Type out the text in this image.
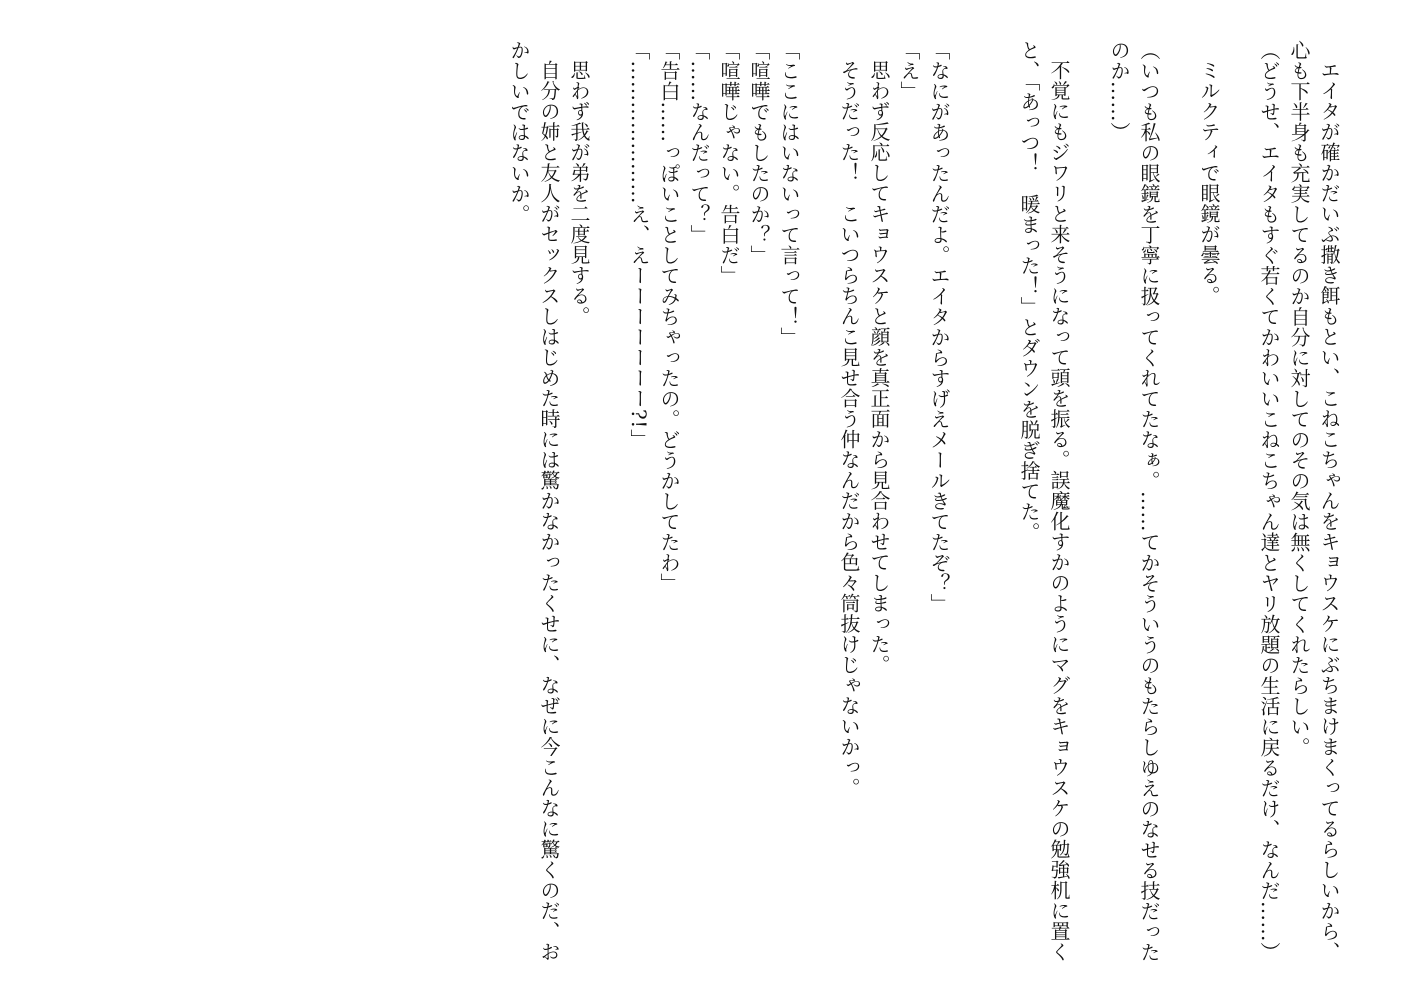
エイタが確かだいぶ撒き餌もとい、こねこちゃんをキョウスケにぶちまけまくってるらしいから、心も下半身も充実してるのか自分に対してのその気は無くしてくれたらしい。

（どうせ、エイタもすぐ若くてかわいいこねこちゃん達とヤリ放題の生活に戻るだけ、なんだ……）

ミルクティで眼鏡が曇る。

（いつも私の眼鏡を丁寧に扱ってくれてたなぁ。……てかそういうのもたらしゆえのなせる技だったのか……）

不覚にもジワリと来そうになって頭を振る。誤魔化すかのようにマグをキョウスケの勉強机に置くと、「あっつ！　暖まった！」とダウンを脱ぎ捨てた。

「なにがあったんだよ。エイタからすげえメールきてたぞ？」

「え」

思わず反応してキョウスケと顔を真正面から見合わせてしまった。

そうだった！　こいつらちんこ見せ合う仲なんだから色々筒抜けじゃないかっ。

「ここにはいないって言って！」

「喧嘩でもしたのか？」

「喧嘩じゃない。告白だ」

「……なんだって？」

「告白……っぽいことしてみちゃったの。どうかしてたわ」

「…………………え、えーーーーーーー?!」

思わず我が弟を二度見する。

自分の姉と友人がセックスしはじめた時には驚かなかったくせに、なぜに今こんなに驚くのだ、おかしいではないか。
